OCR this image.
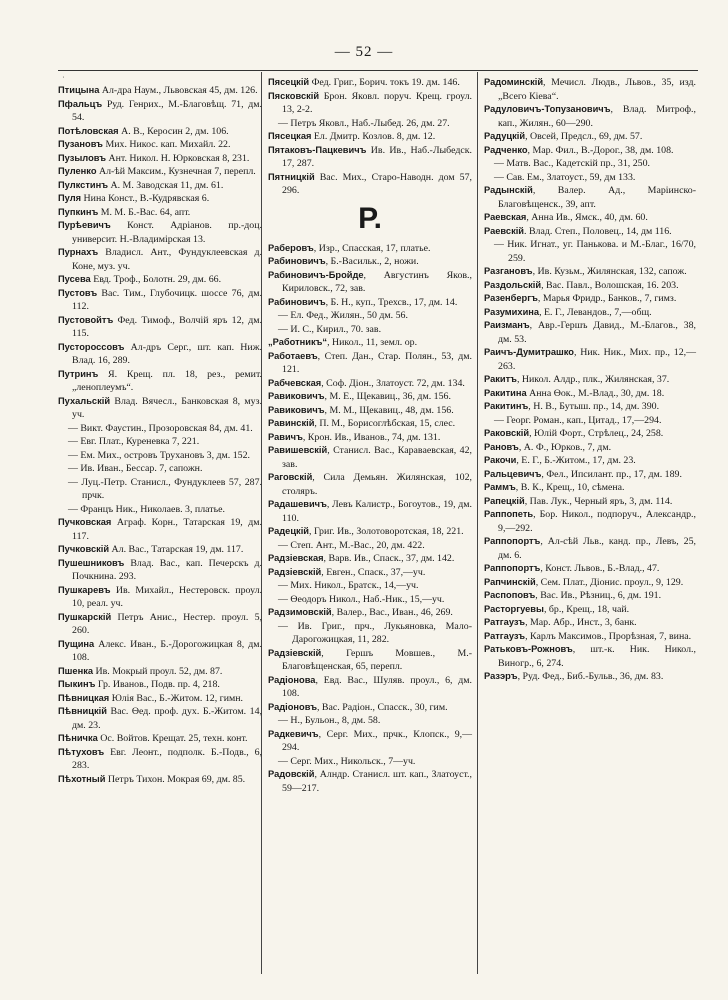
— 52 —
˙

Птицына Ал-дра Наум., Львовская 45, дм. 126.

Пфальцъ Руд. Генрих., М.-Благовѣщ. 71, дм. 54.

Потѣловская А. В., Керосин 2, дм. 106.

Пузановъ Мих. Никос. кап. Михайл. 22.

Пузыловъ Ант. Никол. Н. Юрковская 8, 231.

Пуленко Ал-ѣй Максим., Кузнечная 7, перепл.

Пулкстинъ А. М. Заводская 11, дм. 61.

Пуля Нина Конст., В.-Кудрявская 6.

Пупкинъ М. М. Б.-Вас. 64, апт.

Пурѣевичъ Конст. Адріанов. пр.-доц. университ. Н.-Владимірская 13.

Пурнахъ Владисл. Ант., Фундуклеевская д. Коне, муз. уч.

Пусева Евд. Троф., Болотн. 29, дм. 66.

Пустовъ Вас. Тим., Глубочицк. шоссе 76, дм. 112.

Пустовойтъ Фед. Тимоф., Волчій яръ 12, дм. 115.

Пустороссовъ Ал-дръ Серг., шт. кап. Ниж. Влад. 16, 289.

Путринъ Я. Крещ. пл. 18, рез., ремит. „леноплеумъ“.

Пухальскій Влад. Вячесл., Банковская 8, муз. уч.

— Викт. Фаустин., Прозоровская 84, дм. 41.

— Евг. Плат., Куреневка 7, 221.

— Ем. Мих., островъ Трухановъ 3, дм. 152.

— Ив. Иван., Бессар. 7, сапожн.

— Луц.-Петр. Станисл., Фундуклеев 57, 287. прчк.

— Францъ Ник., Николаев. 3, платье.

Пучковская Аграф. Корн., Татарская 19, дм. 117.

Пучковскій Ал. Вас., Татарская 19, дм. 117.

Пушешниковъ Влад. Вас., кап. Печерскъ д. Почкнина. 293.

Пушкаревъ Ив. Михайл., Нестеровск. проул. 10, реал. уч.

Пушкарскій Петръ Анис., Нестер. проул. 5, 260.

Пущина Алекс. Иван., Б.-Дорогожицкая 8, дм. 108.

Пшенка Ив. Мокрый проул. 52, дм. 87.

Пыкинъ Гр. Иванов., Подв. пр. 4, 218.

Пѣвницкая Юлія Вас., Б.-Житом. 12, гимн.

Пѣвницкій Вас. Ѳед. проф. дух. Б.-Житом. 14, дм. 23.

Пѣничка Ос. Войтов. Крещат. 25, техн. конт.

Пѣтуховъ Евг. Леонт., подполк. Б.-Подв., 6, 283.

Пѣхотный Петръ Тихон. Мокрая 69, дм. 85.

Пясецкій Фед. Григ., Борич. токъ 19. дм. 146.

Пясковскій Брон. Яковл. поруч. Крещ. гроул. 13, 2-2.

— Петръ Яковл., Наб.-Лыбед. 26, дм. 27.

Пясецкая Ел. Дмитр. Козлов. 8, дм. 12.

Пятаковъ-Пацкевичъ Ив. Ив., Наб.-Лыбедск. 17, 287.

Пятницкій Вас. Мих., Старо-Наводн. дом 57, 296.

Р.

Раберовъ, Изр., Спасская, 17, платье.

Рабиновичъ, Б.-Васильк., 2, ножи.

Рабиновичъ-Бройде, Августинъ Яков., Кириловск., 72, зав.

Рабиновичъ, Б. Н., куп., Трехсв., 17, дм. 14.

— Ел. Фед., Жилян., 50 дм. 56.

— И. С., Кирил., 70. зав.

„Работникъ“, Никол., 11, земл. ор.

Работаевъ, Степ. Дан., Стар. Полян., 53, дм. 121.

Рабчевская, Соф. Діон., Златоуст. 72, дм. 134.

Равиковичъ, М. Е., Щекавиц., 36, дм. 156.

Равиковичъ, М. М., Щекавиц., 48, дм. 156.

Равинскій, П. М., Борисоглѣбская, 15, слес.

Равичъ, Крон. Ив., Иванов., 74, дм. 131.

Равишевскій, Станисл. Вас., Караваевская, 42, зав.

Раговскій, Сила Демьян. Жилянская, 102, столяръ.

Радашевичъ, Левъ Калистр., Богоутов., 19, дм. 110.

Радецкій, Григ. Ив., Золотоворотская, 18, 221.

— Степ. Ант., М.-Вас., 20, дм. 422.

Радзіевская, Варв. Ив., Спаск., 37, дм. 142.

Радзіевскій, Евген., Спаск., 37,—уч.

— Мих. Никол., Братск., 14,—уч.

— Ѳеодоръ Никол., Наб.-Ник., 15,—уч.

Радзимовскій, Валер., Вас., Иван., 46, 269.

— Ив. Григ., прч., Лукьяновка, Мало-Дарогожицкая, 11, 282.

Радзіевскій, Гершъ Мовшев., М.-Благовѣщенская, 65, перепл.

Радіонова, Евд. Вас., Шуляв. проул., 6, дм. 108.

Радіоновъ, Вас. Радіон., Спасск., 30, гим.

— Н., Бульон., 8, дм. 58.

Радкевичъ, Серг. Мих., прчк., Клопск., 9,—294.

— Серг. Мих., Никольск., 7—уч.

Радовскій, Алндр. Станисл. шт. кап., Златоуст., 59—217.

Радоминскій, Мечисл. Людв., Львов., 35, изд. „Всего Кіева“.

Радуловичъ-Топузановичъ, Влад. Митроф., кап., Жилян., 60—290.

Радуцкій, Овсей, Предсл., 69, дм. 57.

Радченко, Мар. Фил., В.-Дорог., 38, дм. 108.

— Матв. Вас., Кадетскій пр., 31, 250.

— Сав. Ем., Златоуст., 59, дм 133.

Радынскій, Валер. Ад., Маріинско-Благовѣщенск., 39, апт.

Раевская, Анна Ив., Ямск., 40, дм. 60.

Раевскій. Влад. Степ., Половец., 14, дм 116.

— Ник. Игнат., уг. Панькова. и М.-Благ., 16/70, 259.

Разгановъ, Ив. Кузьм., Жилянская, 132, сапож.

Раздольскій, Вас. Павл., Волошская, 16. 203.

Разенбергъ, Марья Фридр., Банков., 7, гимз.

Разумихина, Е. Г., Левандов., 7,—общ.

Раизманъ, Авр.-Гершъ Давид., М.-Благов., 38, дм. 53.

Раичъ-Думитрашко, Ник. Ник., Мих. пр., 12,—263.

Ракитъ, Никол. Алдр., плк., Жилянская, 37.

Ракитина Анна Ѳок., М.-Влад., 30, дм. 18.

Ракитинъ, Н. В., Бутыш. пр., 14, дм. 390.

— Георг. Роман., кап., Цитад., 17,—294.

Раковскій, Юлій Форт., Стрѣлец., 24, 258.

Рановъ, А. Ф., Юрков., 7, дм.

Ракочи, Е. Г., Б.-Житом., 17, дм. 23.

Ральцевичъ, Фел., Ипсилант. пр., 17, дм. 189.

Раммъ, В. К., Крещ., 10, сѣмена.

Рапецкій, Пав. Лук., Черный яръ, 3, дм. 114.

Раппопеть, Бор. Никол., подпоруч., Александр., 9,—292.

Раппопортъ, Ал-сѣй Льв., канд. пр., Левъ, 25, дм. 6.

Раппопортъ, Конст. Львов., Б.-Влад., 47.

Рапчинскій, Сем. Плат., Діонис. проул., 9, 129.

Распоповъ, Вас. Ив., Рѣзниц., 6, дм. 191.

Расторгуевы, бр., Крещ., 18, чай.

Ратгаузъ, Мар. Абр., Инст., 3, банк.

Ратгаузъ, Карлъ Максимов., Прорѣзная, 7, вина.

Ратьковъ-Рожновъ, шт.-к. Ник. Никол., Виногр., 6, 274.

Разэръ, Руд. Фед., Биб.-Бульв., 36, дм. 83.
